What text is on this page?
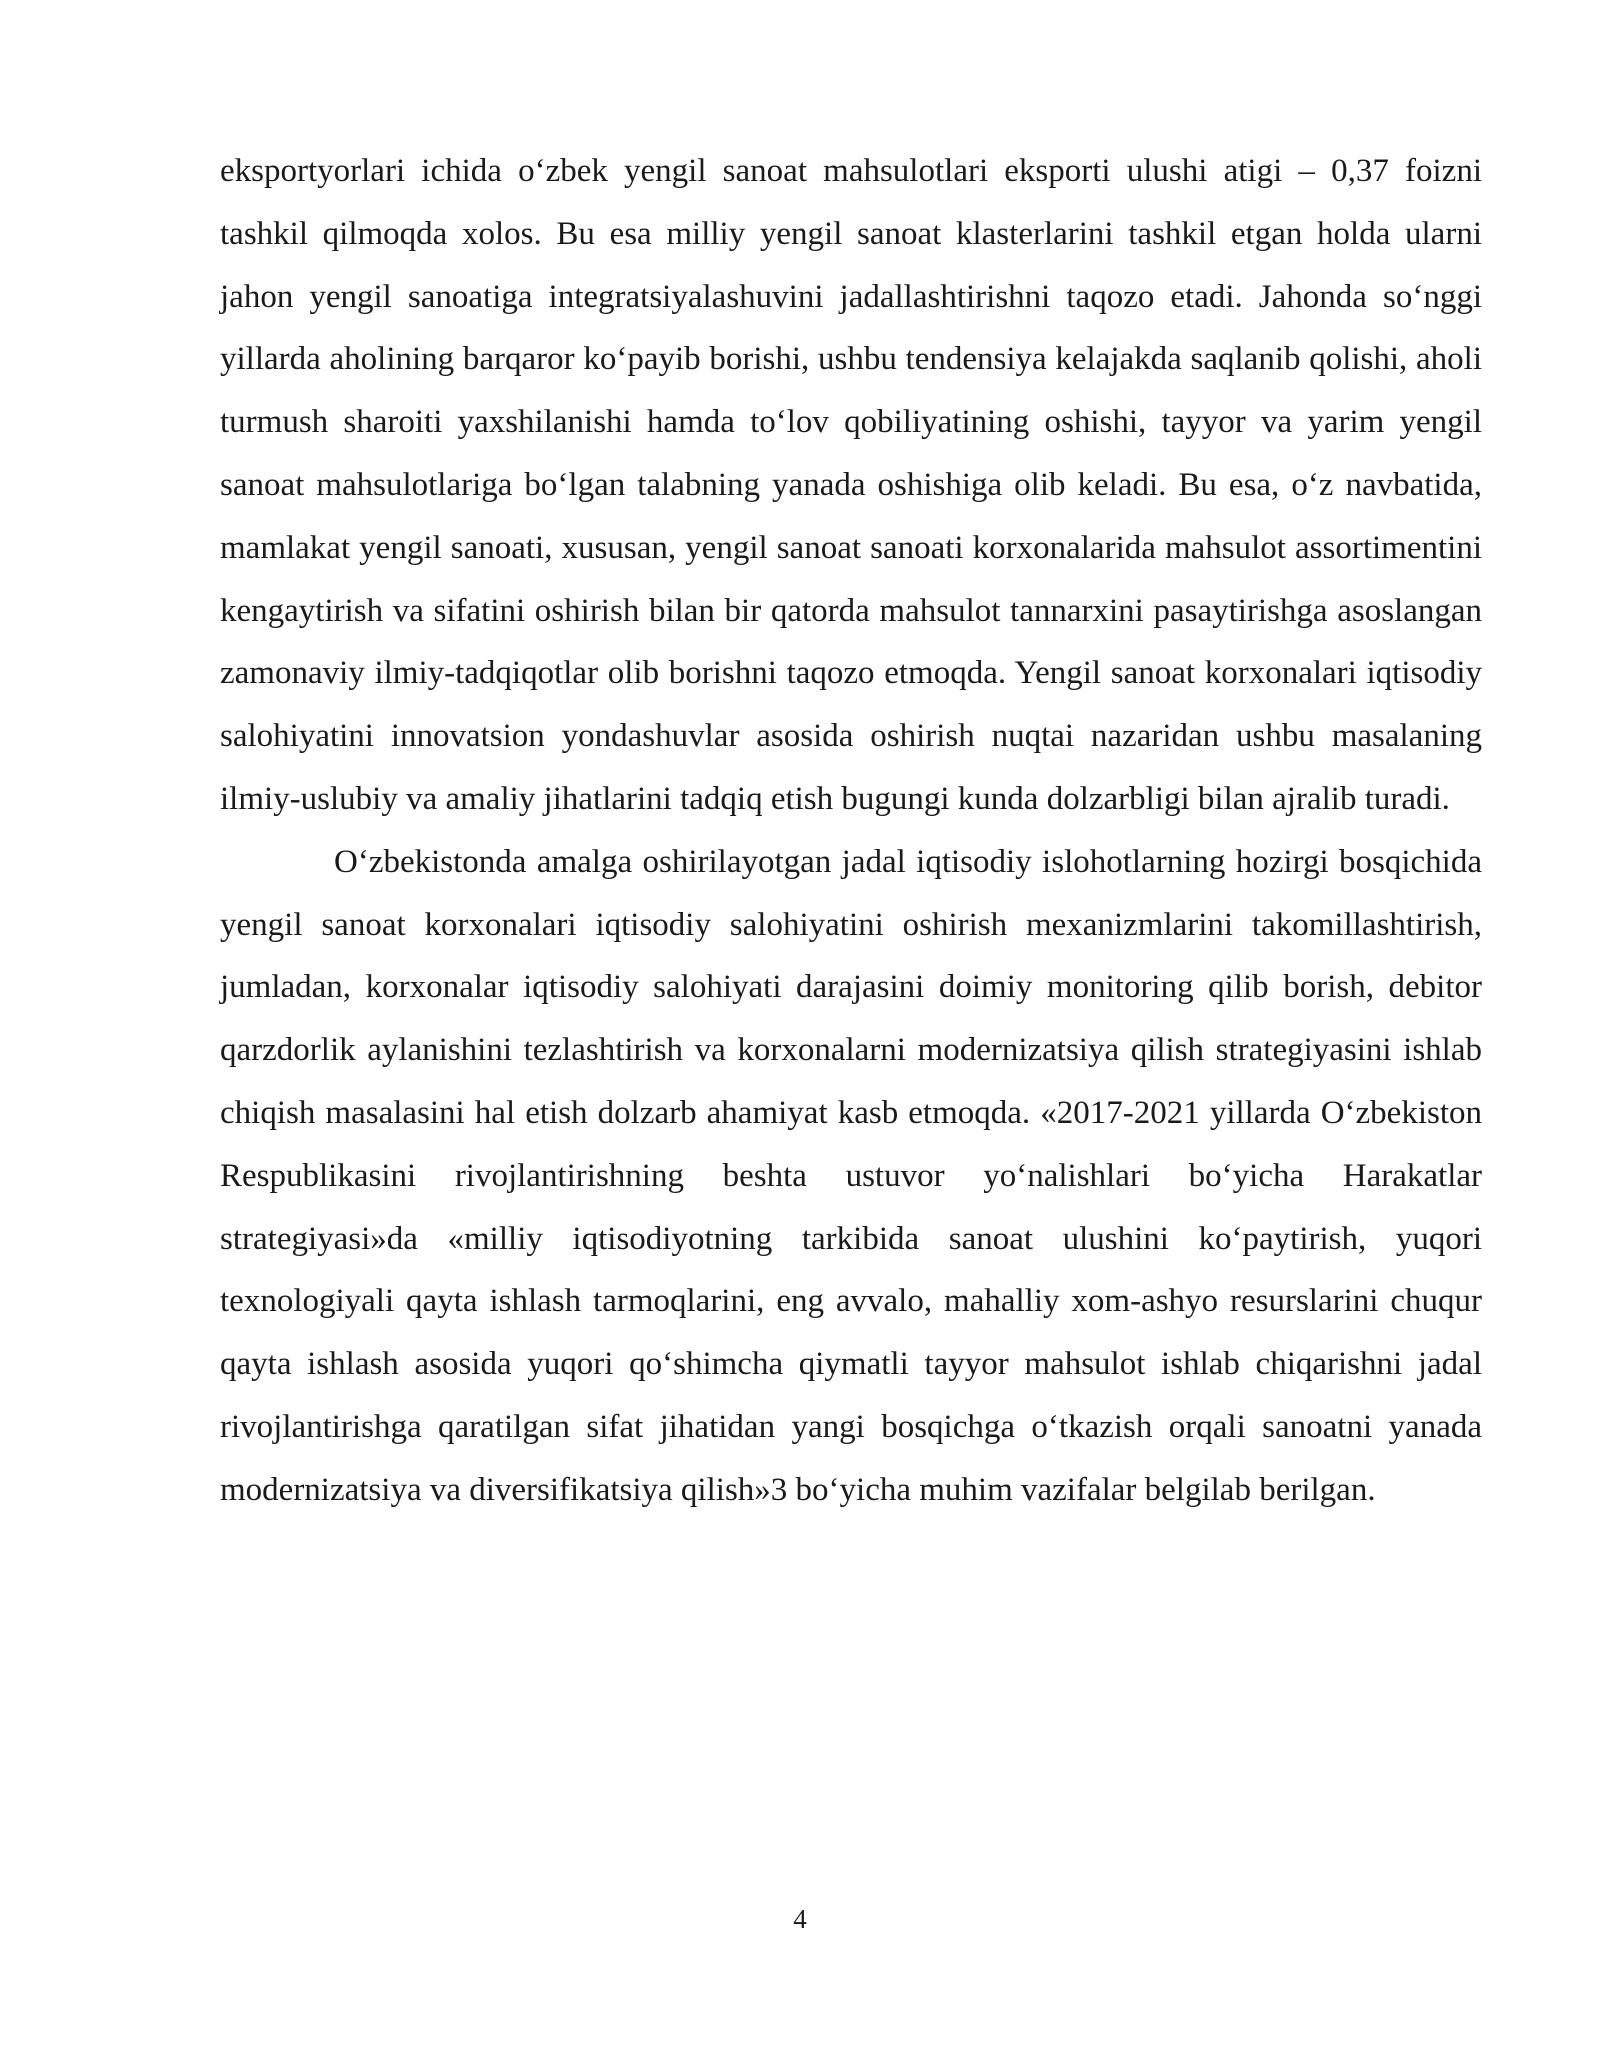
eksportyorlari ichida o‘zbek yengil sanoat mahsulotlari eksporti ulushi atigi – 0,37 foizni tashkil qilmoqda xolos. Bu esa milliy yengil sanoat klasterlarini tashkil etgan holda ularni jahon yengil sanoatiga integratsiyalashuvini jadallashtirishni taqozo etadi. Jahonda so‘nggi yillarda aholining barqaror ko‘payib borishi, ushbu tendensiya kelajakda saqlanib qolishi, aholi turmush sharoiti yaxshilanishi hamda to‘lov qobiliyatining oshishi, tayyor va yarim yengil sanoat mahsulotlariga bo‘lgan talabning yanada oshishiga olib keladi. Bu esa, o‘z navbatida, mamlakat yengil sanoati, xususan, yengil sanoat sanoati korxonalarida mahsulot assortimentini kengaytirish va sifatini oshirish bilan bir qatorda mahsulot tannarxini pasaytirishga asoslangan zamonaviy ilmiy-tadqiqotlar olib borishni taqozo etmoqda. Yengil sanoat korxonalari iqtisodiy salohiyatini innovatsion yondashuvlar asosida oshirish nuqtai nazaridan ushbu masalaning ilmiy-uslubiy va amaliy jihatlarini tadqiq etish bugungi kunda dolzarbligi bilan ajralib turadi.

O‘zbekistonda amalga oshirilayotgan jadal iqtisodiy islohotlarning hozirgi bosqichida yengil sanoat korxonalari iqtisodiy salohiyatini oshirish mexanizmlarini takomillashtirish, jumladan, korxonalar iqtisodiy salohiyati darajasini doimiy monitoring qilib borish, debitor qarzdorlik aylanishini tezlashtirish va korxonalarni modernizatsiya qilish strategiyasini ishlab chiqish masalasini hal etish dolzarb ahamiyat kasb etmoqda. «2017-2021 yillarda O‘zbekiston Respublikasini rivojlantirishning beshta ustuvor yo‘nalishlari bo‘yicha Harakatlar strategiyasi»da «milliy iqtisodiyotning tarkibida sanoat ulushini ko‘paytirish, yuqori texnologiyali qayta ishlash tarmoqlarini, eng avvalo, mahalliy xom-ashyo resurslarini chuqur qayta ishlash asosida yuqori qo‘shimcha qiymatli tayyor mahsulot ishlab chiqarishni jadal rivojlantirishga qaratilgan sifat jihatidan yangi bosqichga o‘tkazish orqali sanoatni yanada modernizatsiya va diversifikatsiya qilish»3 bo‘yicha muhim vazifalar belgilab berilgan.

4
